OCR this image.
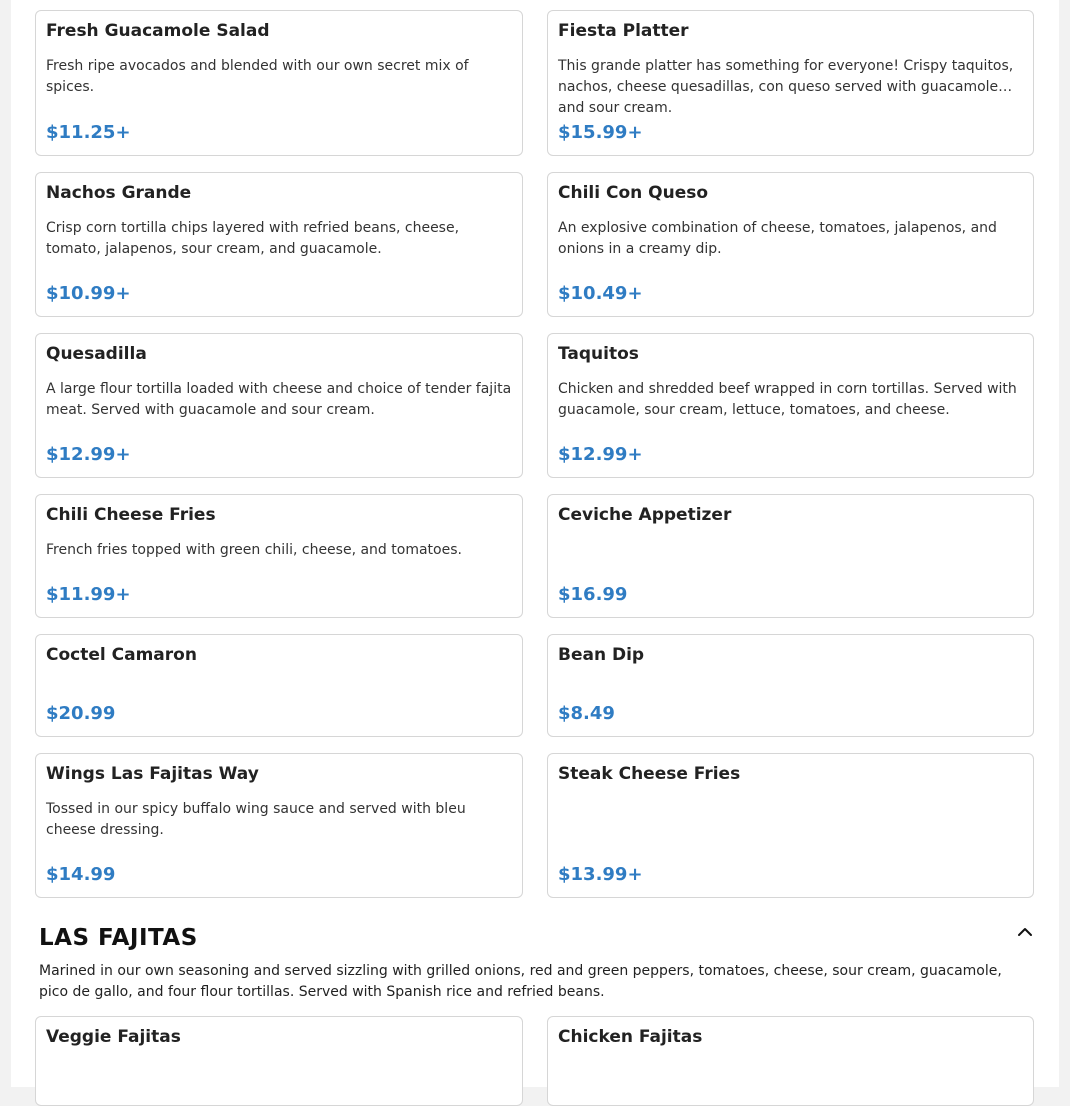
Fresh Guacamole Salad
Fresh ripe avocados and blended with our own secret mix of spices.
$11.25+
Fiesta Platter
This grande platter has something for everyone! Crispy taquitos, nachos, cheese quesadillas, con queso served with guacamole and sour cream.
$15.99+
Nachos Grande
Crisp corn tortilla chips layered with refried beans, cheese, tomato, jalapenos, sour cream, and guacamole.
$10.99+
Chili Con Queso
An explosive combination of cheese, tomatoes, jalapenos, and onions in a creamy dip.
$10.49+
Quesadilla
A large flour tortilla loaded with cheese and choice of tender fajita meat. Served with guacamole and sour cream.
$12.99+
Taquitos
Chicken and shredded beef wrapped in corn tortillas. Served with guacamole, sour cream, lettuce, tomatoes, and cheese.
$12.99+
Chili Cheese Fries
French fries topped with green chili, cheese, and tomatoes.
$11.99+
Ceviche Appetizer
$16.99
Coctel Camaron
$20.99
Bean Dip
$8.49
Wings Las Fajitas Way
Tossed in our spicy buffalo wing sauce and served with bleu cheese dressing.
$14.99
Steak Cheese Fries
$13.99+
LAS FAJITAS
Marined in our own seasoning and served sizzling with grilled onions, red and green peppers, tomatoes, cheese, sour cream, guacamole, pico de gallo, and four flour tortillas. Served with Spanish rice and refried beans.
Veggie Fajitas	Chicken Fajitas
